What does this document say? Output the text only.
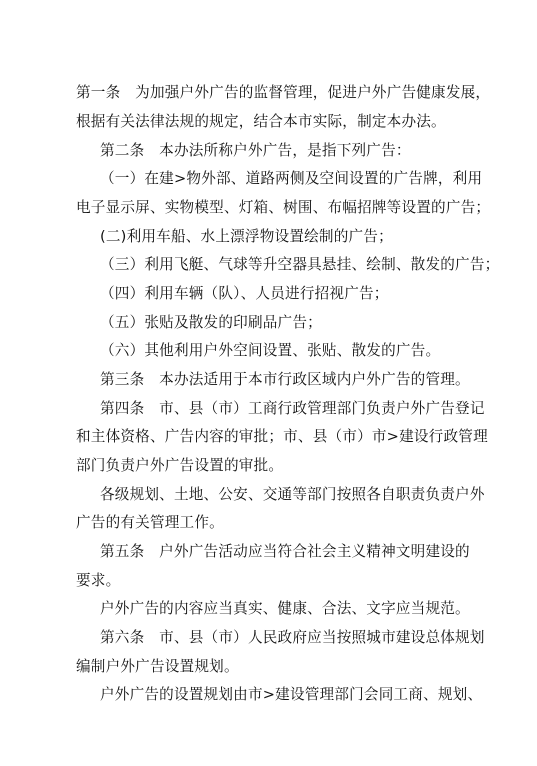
第一条　为加强户外广告的监督管理，促进户外广告健康发展，
根据有关法律法规的规定，结合本市实际，制定本办法。
第二条　本办法所称户外广告，是指下列广告：
（一）在建>物外部、道路两侧及空间设置的广告牌，利用
电子显示屏、实物模型、灯箱、树围、布幅招牌等设置的广告；
(二)利用车船、水上漂浮物设置绘制的广告；
（三）利用飞艇、气球等升空器具悬挂、绘制、散发的广告；
（四）利用车辆（队）、人员进行招视广告；
（五）张贴及散发的印刷品广告；
（六）其他利用户外空间设置、张贴、散发的广告。
第三条　本办法适用于本市行政区域内户外广告的管理。
第四条　市、县（市）工商行政管理部门负责户外广告登记
和主体资格、广告内容的审批；市、县（市）市>建设行政管理
部门负责户外广告设置的审批。
各级规划、土地、公安、交通等部门按照各自职责负责户外
广告的有关管理工作。
第五条　户外广告活动应当符合社会主义精神文明建设的
要求。
户外广告的内容应当真实、健康、合法、文字应当规范。
第六条　市、县（市）人民政府应当按照城市建设总体规划
编制户外广告设置规划。
户外广告的设置规划由市>建设管理部门会同工商、规划、
